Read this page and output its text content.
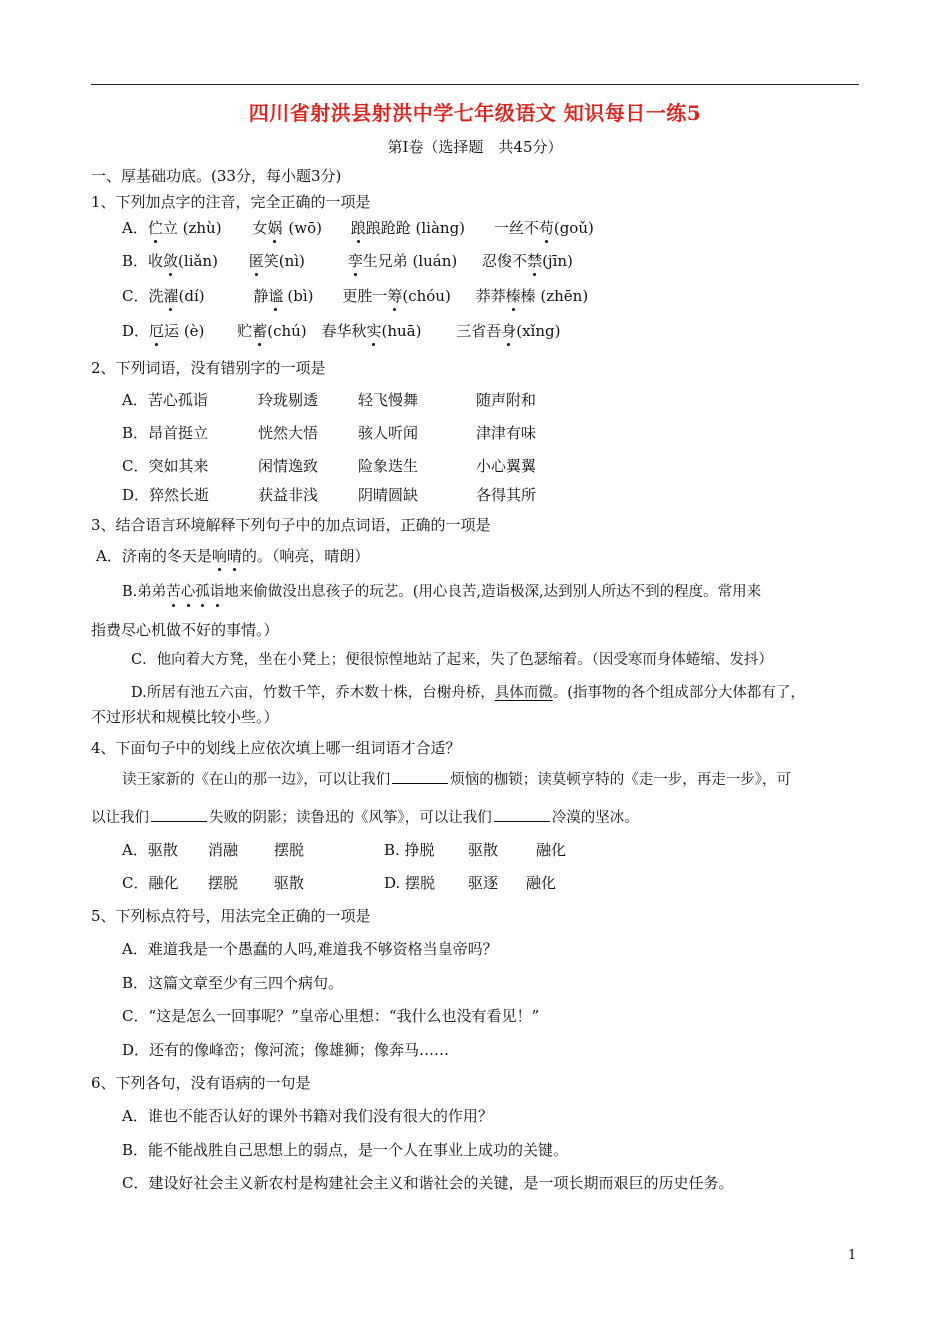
四川省射洪县射洪中学七年级语文 知识每日一练5
第Ⅰ卷（选择题　共45分）
一、厚基础功底。(33分，每小题3分)
1、下列加点字的注音，完全正确的一项是
A．伫立 (zhù) 女娲 (wō) 踉踉跄跄 (liàng) 一丝不苟(goǔ)
B．收敛(liǎn) 匿笑(nì)	孪生兄弟 (luán) 忍俊不禁(jīn)
C．洗濯(dí)	静谧 (bì) 更胜一筹(chóu) 莽莽榛榛 (zhēn)
D．厄运 (è) 贮蓄(chú) 春华秋实(huā) 三省吾身(xǐng)
2、下列词语，没有错别字的一项是
A．苦心孤诣	玲珑剔透	轻飞慢舞	随声附和
B．昂首挺立	恍然大悟	骇人听闻	津津有味
C．突如其来	闲情逸致	险象迭生	小心翼翼
D．猝然长逝	获益非浅	阴晴圆缺	各得其所
3、结合语言环境解释下列句子中的加点词语，正确的一项是
A．济南的冬天是响晴的。（响亮，晴朗）
B.弟弟苦心孤诣地来偷做没出息孩子的玩艺。(用心良苦,造诣极深,达到别人所达不到的程度。常用来
指费尽心机做不好的事情。）
C．他向着大方凳，坐在小凳上；便很惊惶地站了起来，失了色瑟缩着。（因受寒而身体蜷缩、发抖）
D.所居有池五六亩，竹数千竿，乔木数十株，台榭舟桥，具体而微。(指事物的各个组成部分大体都有了，
不过形状和规模比较小些。）
4、下面句子中的划线上应依次填上哪一组词语才合适？
读王家新的《在山的那一边》，可以让我们	烦恼的枷锁；读莫顿亨特的《走一步，再走一步》，可
以让我们	失败的阴影；读鲁迅的《风筝》，可以让我们	冷漠的坚冰。
A．驱散 消融 摆脱	B. 挣脱 驱散	融化
C．融化 摆脱 驱散	D. 摆脱 驱逐 融化
5、下列标点符号，用法完全正确的一项是
A．难道我是一个愚蠢的人吗,难道我不够资格当皇帝吗？
B．这篇文章至少有三四个病句。
C．“这是怎么一回事呢？”皇帝心里想：“我什么也没有看见！”
D．还有的像峰峦；像河流；像雄狮；像奔马……
6、下列各句，没有语病的一句是
A．谁也不能否认好的课外书籍对我们没有很大的作用？
B．能不能战胜自己思想上的弱点，是一个人在事业上成功的关键。
C．建设好社会主义新农村是构建社会主义和谐社会的关键，是一项长期而艰巨的历史任务。
1
